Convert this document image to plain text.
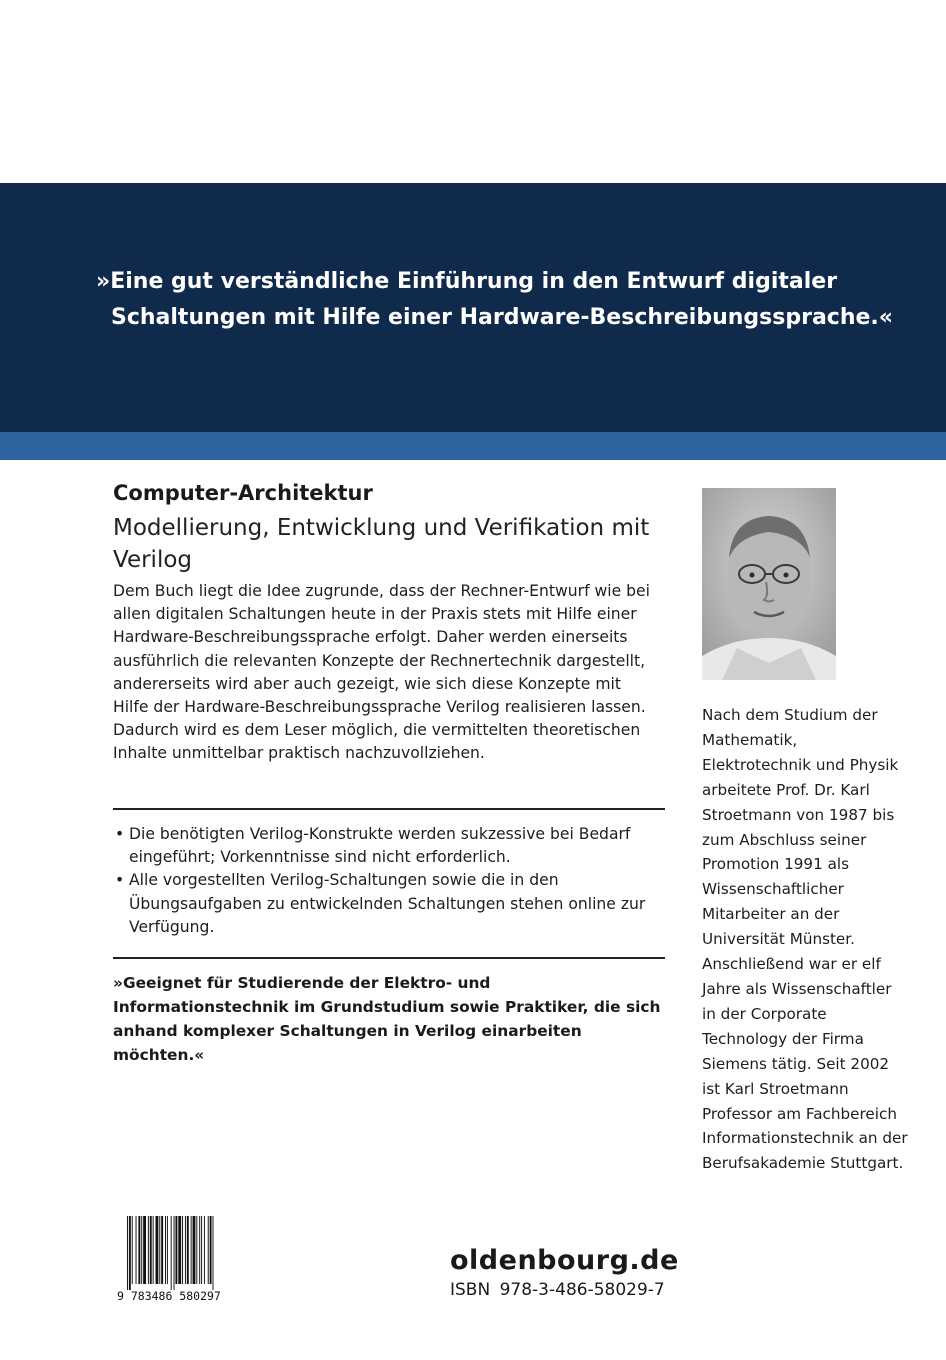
»Eine gut verständliche Einführung in den Entwurf digitaler
Schaltungen mit Hilfe einer Hardware-Beschreibungssprache.«
Computer-Architektur
Modellierung, Entwicklung und Verifikation mit Verilog
Dem Buch liegt die Idee zugrunde, dass der Rechner-Entwurf wie bei allen digitalen Schaltungen heute in der Praxis stets mit Hilfe einer Hardware-Beschreibungssprache erfolgt. Daher werden einerseits ausführlich die relevanten Konzepte der Rechnertechnik dargestellt, andererseits wird aber auch gezeigt, wie sich diese Konzepte mit Hilfe der Hardware-Beschreibungssprache Verilog realisieren lassen. Dadurch wird es dem Leser möglich, die vermittelten theoretischen Inhalte unmittelbar praktisch nachzuvollziehen.
• Die benötigten Verilog-Konstrukte werden sukzessive bei Bedarf eingeführt; Vorkenntnisse sind nicht erforderlich.
• Alle vorgestellten Verilog-Schaltungen sowie die in den Übungsaufgaben zu entwickelnden Schaltungen stehen online zur Verfügung.
»Geeignet für Studierende der Elektro- und Informationstechnik im Grundstudium sowie Praktiker, die sich anhand komplexer Schaltungen in Verilog einarbeiten möchten.«
Nach dem Studium der Mathematik, Elektrotechnik und Physik arbeitete Prof. Dr. Karl Stroetmann von 1987 bis zum Abschluss seiner Promotion 1991 als Wissenschaftlicher Mitarbeiter an der Universität Münster. Anschließend war er elf Jahre als Wissenschaftler in der Corporate Technology der Firma Siemens tätig. Seit 2002 ist Karl Stroetmann Professor am Fachbereich Informationstechnik an der Berufsakademie Stuttgart.
9 783486 580297
oldenbourg.de
ISBN 978-3-486-58029-7
